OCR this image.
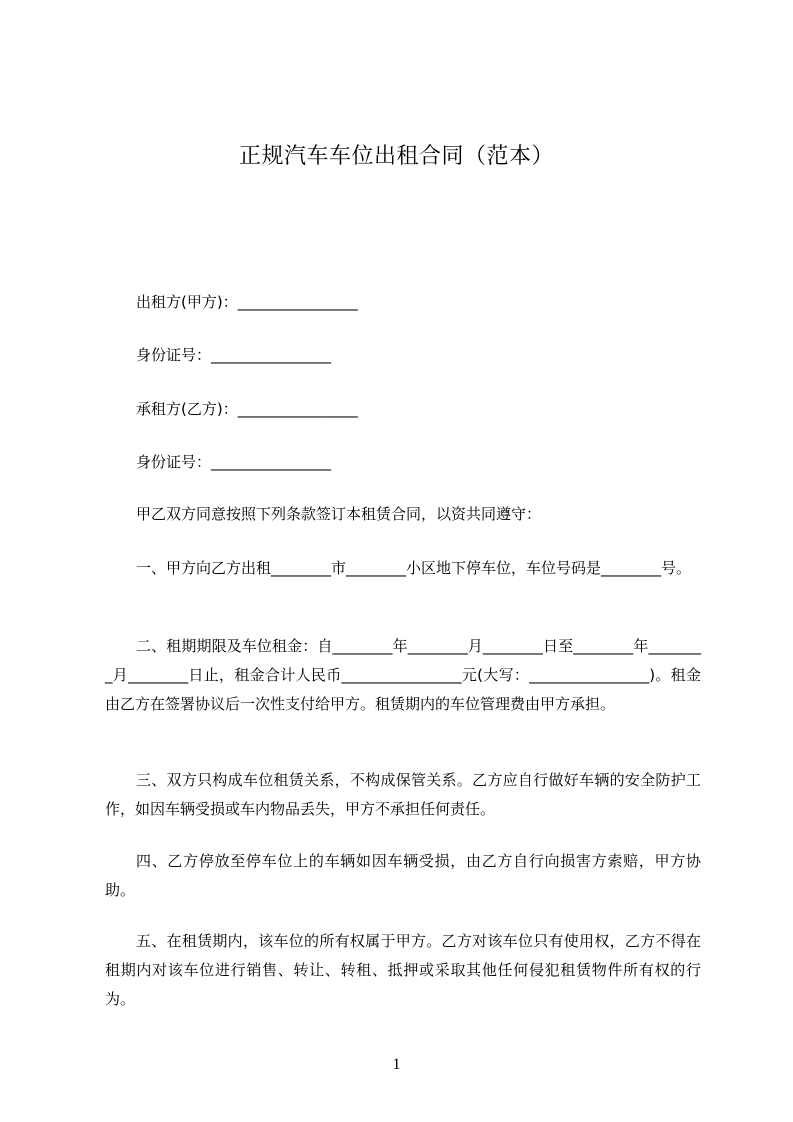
正规汽车车位出租合同（范本）

出租方(甲方)：________________

身份证号：________________

承租方(乙方)：________________

身份证号：________________

甲乙双方同意按照下列条款签订本租赁合同，以资共同遵守：

一、甲方向乙方出租________市________小区地下停车位，车位号码是________号。

二、租期期限及车位租金：自________年________月________日至________年________月________日止，租金合计人民币________________元(大写：________________)。租金由乙方在签署协议后一次性支付给甲方。租赁期内的车位管理费由甲方承担。

三、双方只构成车位租赁关系，不构成保管关系。乙方应自行做好车辆的安全防护工作，如因车辆受损或车内物品丢失，甲方不承担任何责任。

四、乙方停放至停车位上的车辆如因车辆受损，由乙方自行向损害方索赔，甲方协助。

五、在租赁期内，该车位的所有权属于甲方。乙方对该车位只有使用权，乙方不得在租期内对该车位进行销售、转让、转租、抵押或采取其他任何侵犯租赁物件所有权的行为。

1
